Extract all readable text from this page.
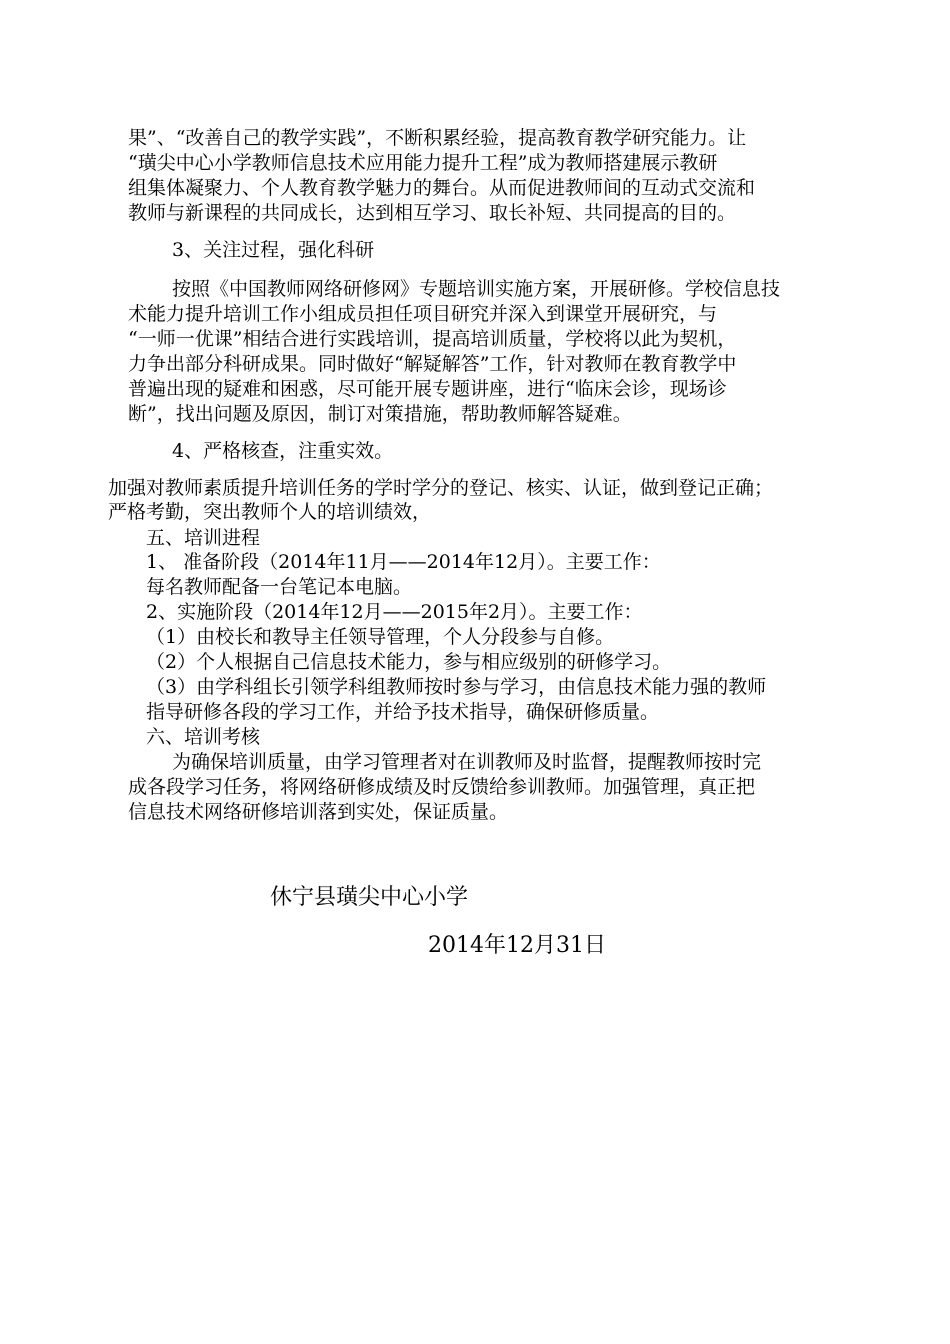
果”、“改善自己的教学实践”，不断积累经验，提高教育教学研究能力。让

“璜尖中心小学教师信息技术应用能力提升工程”成为教师搭建展示教研

组集体凝聚力、个人教育教学魅力的舞台。从而促进教师间的互动式交流和

教师与新课程的共同成长，达到相互学习、取长补短、共同提高的目的。

3、关注过程，强化科研

按照《中国教师网络研修网》专题培训实施方案，开展研修。学校信息技

术能力提升培训工作小组成员担任项目研究并深入到课堂开展研究，与

“一师一优课”相结合进行实践培训，提高培训质量，学校将以此为契机，

力争出部分科研成果。同时做好“解疑解答”工作，针对教师在教育教学中

普遍出现的疑难和困惑，尽可能开展专题讲座，进行“临床会诊，现场诊

断”，找出问题及原因，制订对策措施，帮助教师解答疑难。

4、严格核查，注重实效。

加强对教师素质提升培训任务的学时学分的登记、核实、认证，做到登记正确；

严格考勤，突出教师个人的培训绩效，

五、培训进程

1、 准备阶段（2014年11月——2014年12月）。主要工作：

每名教师配备一台笔记本电脑。

2、实施阶段（2014年12月——2015年2月）。主要工作：

（1）由校长和教导主任领导管理，个人分段参与自修。

（2）个人根据自己信息技术能力，参与相应级别的研修学习。

（3）由学科组长引领学科组教师按时参与学习，由信息技术能力强的教师

指导研修各段的学习工作，并给予技术指导，确保研修质量。

六、培训考核

为确保培训质量，由学习管理者对在训教师及时监督，提醒教师按时完

成各段学习任务，将网络研修成绩及时反馈给参训教师。加强管理，真正把

信息技术网络研修培训落到实处，保证质量。

休宁县璜尖中心小学

2014年12月31日
